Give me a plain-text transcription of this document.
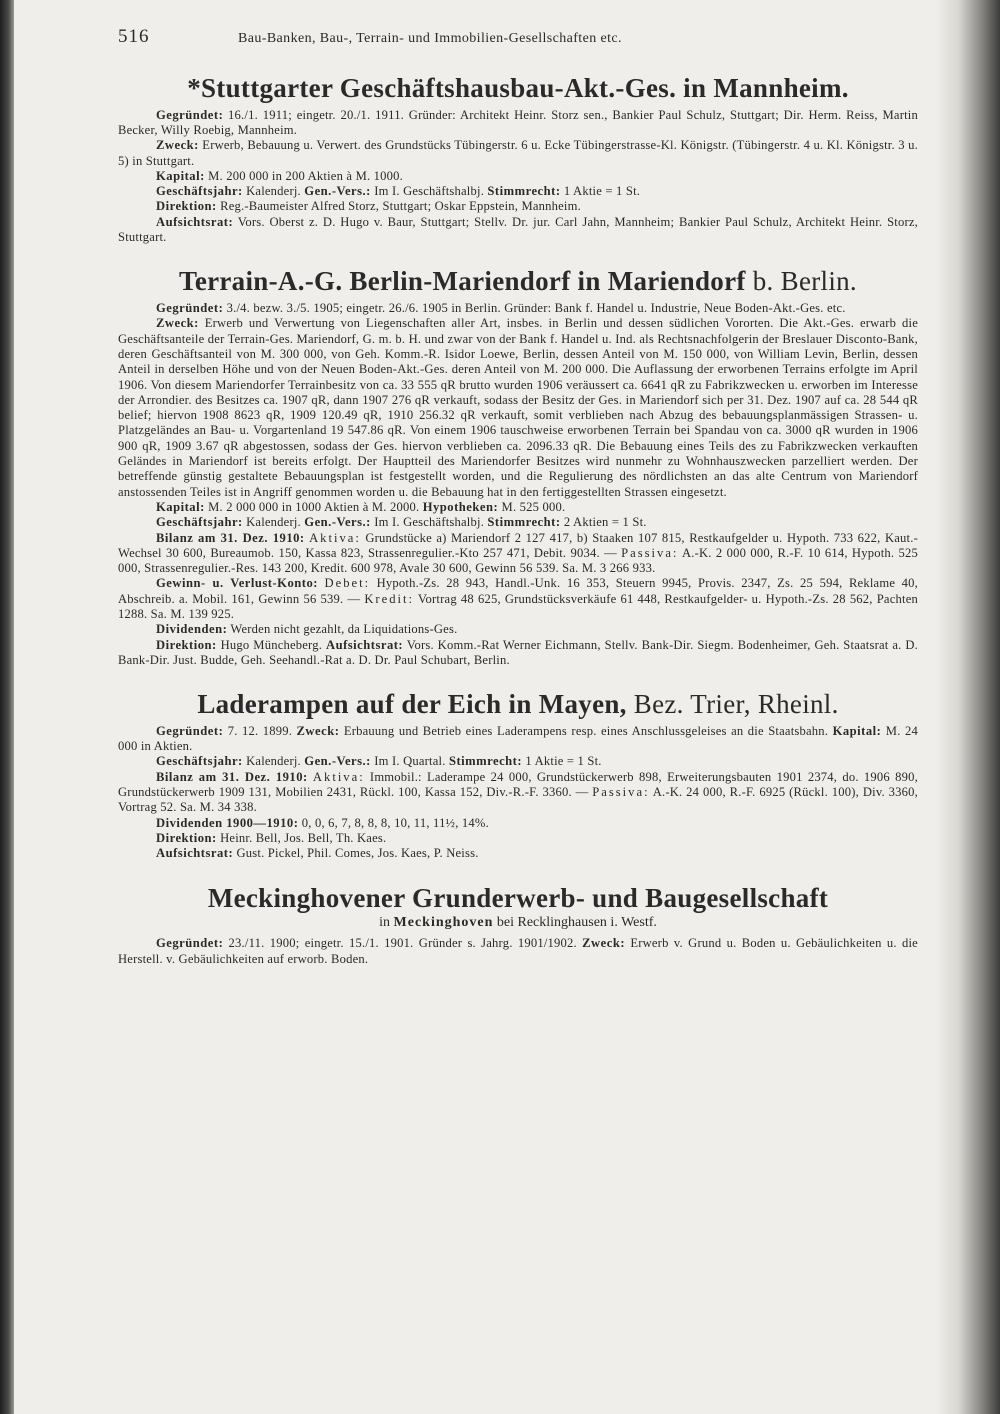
516	Bau-Banken, Bau-, Terrain- und Immobilien-Gesellschaften etc.
*Stuttgarter Geschäftshausbau-Akt.-Ges. in Mannheim.

Gegründet: 16./1. 1911; eingetr. 20./1. 1911. Gründer: Architekt Heinr. Storz sen., Bankier Paul Schulz, Stuttgart; Dir. Herm. Reiss, Martin Becker, Willy Roebig, Mannheim.

Zweck: Erwerb, Bebauung u. Verwert. des Grundstücks Tübingerstr. 6 u. Ecke Tübingerstrasse-Kl. Königstr. (Tübingerstr. 4 u. Kl. Königstr. 3 u. 5) in Stuttgart.

Kapital: M. 200 000 in 200 Aktien à M. 1000.

Geschäftsjahr: Kalenderj. Gen.-Vers.: Im I. Geschäftshalbj. Stimmrecht: 1 Aktie = 1 St.

Direktion: Reg.-Baumeister Alfred Storz, Stuttgart; Oskar Eppstein, Mannheim.

Aufsichtsrat: Vors. Oberst z. D. Hugo v. Baur, Stuttgart; Stellv. Dr. jur. Carl Jahn, Mannheim; Bankier Paul Schulz, Architekt Heinr. Storz, Stuttgart.

Terrain-A.-G. Berlin-Mariendorf in Mariendorf b. Berlin.

Gegründet: 3./4. bezw. 3./5. 1905; eingetr. 26./6. 1905 in Berlin. Gründer: Bank f. Handel u. Industrie, Neue Boden-Akt.-Ges. etc.

Zweck: Erwerb und Verwertung von Liegenschaften aller Art, insbes. in Berlin und dessen südlichen Vororten. Die Akt.-Ges. erwarb die Geschäftsanteile der Terrain-Ges. Mariendorf, G. m. b. H. und zwar von der Bank f. Handel u. Ind. als Rechtsnachfolgerin der Breslauer Disconto-Bank, deren Geschäftsanteil von M. 300 000, von Geh. Komm.-R. Isidor Loewe, Berlin, dessen Anteil von M. 150 000, von William Levin, Berlin, dessen Anteil in derselben Höhe und von der Neuen Boden-Akt.-Ges. deren Anteil von M. 200 000. Die Auflassung der erworbenen Terrains erfolgte im April 1906. Von diesem Mariendorfer Terrainbesitz von ca. 33 555 qR brutto wurden 1906 veräussert ca. 6641 qR zu Fabrikzwecken u. erworben im Interesse der Arrondier. des Besitzes ca. 1907 qR, dann 1907 276 qR verkauft, sodass der Besitz der Ges. in Mariendorf sich per 31. Dez. 1907 auf ca. 28 544 qR belief; hiervon 1908 8623 qR, 1909 120.49 qR, 1910 256.32 qR verkauft, somit verblieben nach Abzug des bebauungsplanmässigen Strassen- u. Platzgeländes an Bau- u. Vorgartenland 19 547.86 qR. Von einem 1906 tauschweise erworbenen Terrain bei Spandau von ca. 3000 qR wurden in 1906 900 qR, 1909 3.67 qR abgestossen, sodass der Ges. hiervon verblieben ca. 2096.33 qR. Die Bebauung eines Teils des zu Fabrikzwecken verkauften Geländes in Mariendorf ist bereits erfolgt. Der Hauptteil des Mariendorfer Besitzes wird nunmehr zu Wohnhauszwecken parzelliert werden. Der betreffende günstig gestaltete Bebauungsplan ist festgestellt worden, und die Regulierung des nördlichsten an das alte Centrum von Mariendorf anstossenden Teiles ist in Angriff genommen worden u. die Bebauung hat in den fertiggestellten Strassen eingesetzt.

Kapital: M. 2 000 000 in 1000 Aktien à M. 2000. Hypotheken: M. 525 000.

Geschäftsjahr: Kalenderj. Gen.-Vers.: Im I. Geschäftshalbj. Stimmrecht: 2 Aktien = 1 St.

Bilanz am 31. Dez. 1910: Aktiva: Grundstücke a) Mariendorf 2 127 417, b) Staaken 107 815, Restkaufgelder u. Hypoth. 733 622, Kaut.-Wechsel 30 600, Bureaumob. 150, Kassa 823, Strassenregulier.-Kto 257 471, Debit. 9034. — Passiva: A.-K. 2 000 000, R.-F. 10 614, Hypoth. 525 000, Strassenregulier.-Res. 143 200, Kredit. 600 978, Avale 30 600, Gewinn 56 539. Sa. M. 3 266 933.

Gewinn- u. Verlust-Konto: Debet: Hypoth.-Zs. 28 943, Handl.-Unk. 16 353, Steuern 9945, Provis. 2347, Zs. 25 594, Reklame 40, Abschreib. a. Mobil. 161, Gewinn 56 539. — Kredit: Vortrag 48 625, Grundstücksverkäufe 61 448, Restkaufgelder- u. Hypoth.-Zs. 28 562, Pachten 1288. Sa. M. 139 925.

Dividenden: Werden nicht gezahlt, da Liquidations-Ges.

Direktion: Hugo Müncheberg. Aufsichtsrat: Vors. Komm.-Rat Werner Eichmann, Stellv. Bank-Dir. Siegm. Bodenheimer, Geh. Staatsrat a. D. Bank-Dir. Just. Budde, Geh. Seehandl.-Rat a. D. Dr. Paul Schubart, Berlin.

Laderampen auf der Eich in Mayen, Bez. Trier, Rheinl.

Gegründet: 7. 12. 1899. Zweck: Erbauung und Betrieb eines Laderampens resp. eines Anschlussgeleises an die Staatsbahn. Kapital: M. 24 000 in Aktien.

Geschäftsjahr: Kalenderj. Gen.-Vers.: Im I. Quartal. Stimmrecht: 1 Aktie = 1 St.

Bilanz am 31. Dez. 1910: Aktiva: Immobil.: Laderampe 24 000, Grundstückerwerb 898, Erweiterungsbauten 1901 2374, do. 1906 890, Grundstückerwerb 1909 131, Mobilien 2431, Rückl. 100, Kassa 152, Div.-R.-F. 3360. — Passiva: A.-K. 24 000, R.-F. 6925 (Rückl. 100), Div. 3360, Vortrag 52. Sa. M. 34 338.

Dividenden 1900—1910: 0, 0, 6, 7, 8, 8, 8, 10, 11, 11½, 14%.

Direktion: Heinr. Bell, Jos. Bell, Th. Kaes.

Aufsichtsrat: Gust. Pickel, Phil. Comes, Jos. Kaes, P. Neiss.

Meckinghovener Grunderwerb- und Baugesellschaft
in Meckinghoven bei Recklinghausen i. Westf.

Gegründet: 23./11. 1900; eingetr. 15./1. 1901. Gründer s. Jahrg. 1901/1902. Zweck: Erwerb v. Grund u. Boden u. Gebäulichkeiten u. die Herstell. v. Gebäulichkeiten auf erworb. Boden.
